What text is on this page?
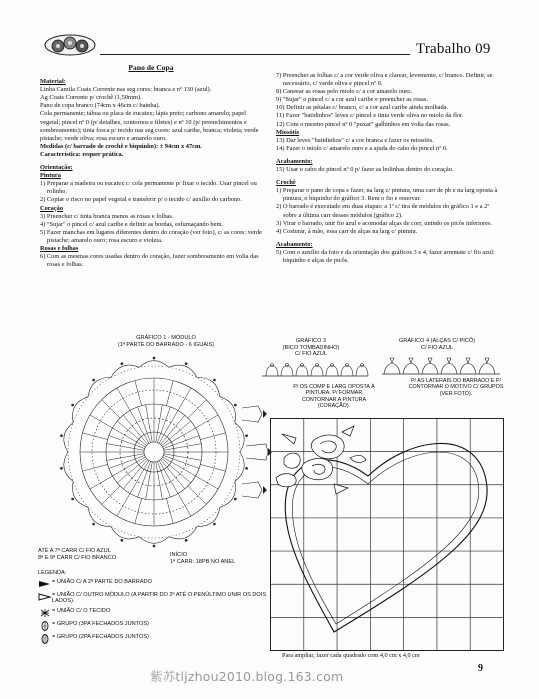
Trabalho 09

Pano de Copa

Material:

Linha Camila Coats Corrente nas seg cores: branca e nº 130 (azul).

Ag Coats Corrente p/ crochê (1,50mm).

Pano de copa branco (74cm x 46cm c/ bainha).

Cola permanente; tábua ou placa de eucatex; lápis preto; carbono amarelo; papel vegetal; pincel nº 0 (p/ detalhes, contornos e filetes) e nº 10 (p/ preenchimentos e sombreamento); tinta fosca p/ tecido nas seg cores: azul caribe, branca; violeta; verde pistache; verde oliva; rosa escuro e amarelo ouro.

Medidas (c/ barrado de crochê e biquinho): ± 94cm x 47cm.

Característica: requer prática.

Orientação:

Pintura

1) Preparar a madeira ou eucatex c/ cola permanente p/ fixar o tecido. Usar pincel ou rolinho.

2) Copiar o risco no papel vegetal e transferir p/ o tecido c/ auxílio do carbono.

Coração

3) Preencher c/ tinta branca menos as rosas e folhas.

4) "Sujar" o pincel c/ azul caribe e definir as bordas, esfumaçando bem.

5) Fazer manchas em lugares diferentes dentro do coração (ver foto), c/ as cores: verde pistache; amarelo ouro; rosa escuro e violeta.

Rosas e folhas

6) Com as mesmas cores usadas dentro do coração, fazer sombreamento em volta das rosas e folhas.

7) Preencher as folhas c/ a cor verde oliva e clarear, levemente, c/ branco. Definir, se necessário, c/ verde oliva e pincel nº 0.

8) Caneear as rosas pelo miolo c/ a cor amarelo ouro.

9) "Sujar" o pincel c/ a cor azul caribe e preencher as rosas.

10) Definir as pétalas c/ branco, c/ a cor azul caribe ainda molhada.

11) Fazer "batidinhos" leves c/ pincel e tinta verde oliva no miolo da flor.

12) Com o mesmo pincel nº 0 "puxar" galhinhos em volta das rosas.

Miosótis

13) Dar leves "batidinhos" c/ a cor branca e fazer os miosótis.

14) Fazer o miolo c/ amarelo ouro e a ajuda do cabo do pincel nº 0.

Acabamento:

15) Usar o cabo do pincel nº 0 p/ fazer as bolinhas dentro do coração.

Crochê

1) Preparar o pano de copa e fazer, na larg c/ pintura, uma carr de pb e na larg oposta à pintura, o biquinho do gráfico 3. Rem o fio e reservar.

2) O barrado é executado em duas etapas: a 1ª c/ tira de módulos do gráfico 1 e a 2ª sobre a última carr desses módulos (gráfico 2).

3) Virar o barrado, unir fio azul e acomodar alças de corr, unindo os picôs inferiores.

4) Costurar, à mão, essa carr de alças na larg c/ pintura.

Acabamento:

5) Com o auxílio da foto e da orientação dos gráficos 3 e 4, fazer arremate c/ fio azul: biquinho e alças de picôs.

GRÁFICO 1 - MÓDULO
(1ª PARTE DO BARRADO - 6 IGUAIS)
ATÉ A 7ª CARR C/ FIO AZUL
8ª E 9ª CARR C/ FIO BRANCO	INÍCIO
1ª CARR: 18PB NO ANEL
LEGENDA:
= UNIÃO C/ A 2ª PARTE DO BARRADO
= UNIÃO C/ OUTRO MÓDULO (A PARTIR DO 2º ATÉ O PENÚLTIMO UNIR OS DOIS LADOS).
= UNIÃO C/ O TECIDO
= GRUPO (3PA FECHADOS JUNTOS)
= GRUPO (2PA FECHADOS JUNTOS)
GRÁFICO 3
(BICO TOMBADINHO)
C/ FIO AZUL
P/ OS COMP E LARG OPOSTA À PINTURA. P/ FORMAR CONTORNAR A PINTURA (CORAÇÃO).
GRÁFICO 4 (ALÇAS C/ PICÔ)
C/ FIO AZUL
P/ AS LATERAIS DO BARRADO E P/ CONTORNAR O MOTIVO C/ GRUPOS (VER FOTO).
Para ampliar, fazer cada quadrado com 4,0 cm x 4,0 cm
9
紫苏tljzhou2010.blog.163.com
